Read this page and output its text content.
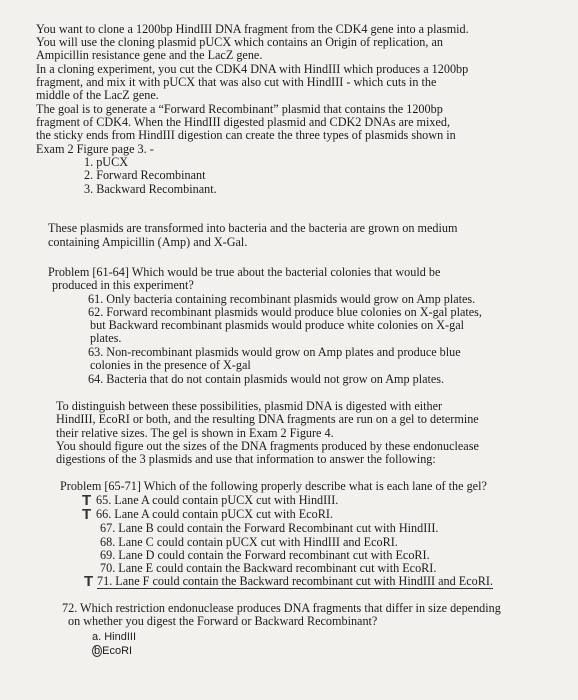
You want to clone a 1200bp HindIII DNA fragment from the CDK4 gene into a plasmid.
You will use the cloning plasmid pUCX which contains an Origin of replication, an
Ampicillin resistance gene and the LacZ gene.
In a cloning experiment, you cut the CDK4 DNA with HindIII which produces a 1200bp
fragment, and mix it with pUCX that was also cut with HindIII - which cuts in the
middle of the LacZ gene.
The goal is to generate a “Forward Recombinant” plasmid that contains the 1200bp
fragment of CDK4. When the HindIII digested plasmid and CDK2 DNAs are mixed,
the sticky ends from HindIII digestion can create the three types of plasmids shown in
Exam 2 Figure page 3. -
1. pUCX
2. Forward Recombinant
3. Backward Recombinant.
These plasmids are transformed into bacteria and the bacteria are grown on medium
containing Ampicillin (Amp) and X-Gal.
Problem [61-64] Which would be true about the bacterial colonies that would be
produced in this experiment?
61. Only bacteria containing recombinant plasmids would grow on Amp plates.
62. Forward recombinant plasmids would produce blue colonies on X-gal plates,
but Backward recombinant plasmids would produce white colonies on X-gal
plates.
63. Non-recombinant plasmids would grow on Amp plates and produce blue
colonies in the presence of X-gal
64. Bacteria that do not contain plasmids would not grow on Amp plates.
To distinguish between these possibilities, plasmid DNA is digested with either
HindIII, EcoRI or both, and the resulting DNA fragments are run on a gel to determine
their relative sizes. The gel is shown in Exam 2 Figure 4.
You should figure out the sizes of the DNA fragments produced by these endonuclease
digestions of the 3 plasmids and use that information to answer the following:
Problem [65-71] Which of the following properly describe what is each lane of the gel?
T 65. Lane A could contain pUCX cut with HindIII.
T 66. Lane A could contain pUCX cut with EcoRI.
67. Lane B could contain the Forward Recombinant cut with HindIII.
68. Lane C could contain pUCX cut with HindIII and EcoRI.
69. Lane D could contain the Forward recombinant cut with EcoRI.
70. Lane E could contain the Backward recombinant cut with EcoRI.
T 71. Lane F could contain the Backward recombinant cut with HindIII and EcoRI.
72. Which restriction endonuclease produces DNA fragments that differ in size depending
on whether you digest the Forward or Backward Recombinant?
a. HindIII
b EcoRI
